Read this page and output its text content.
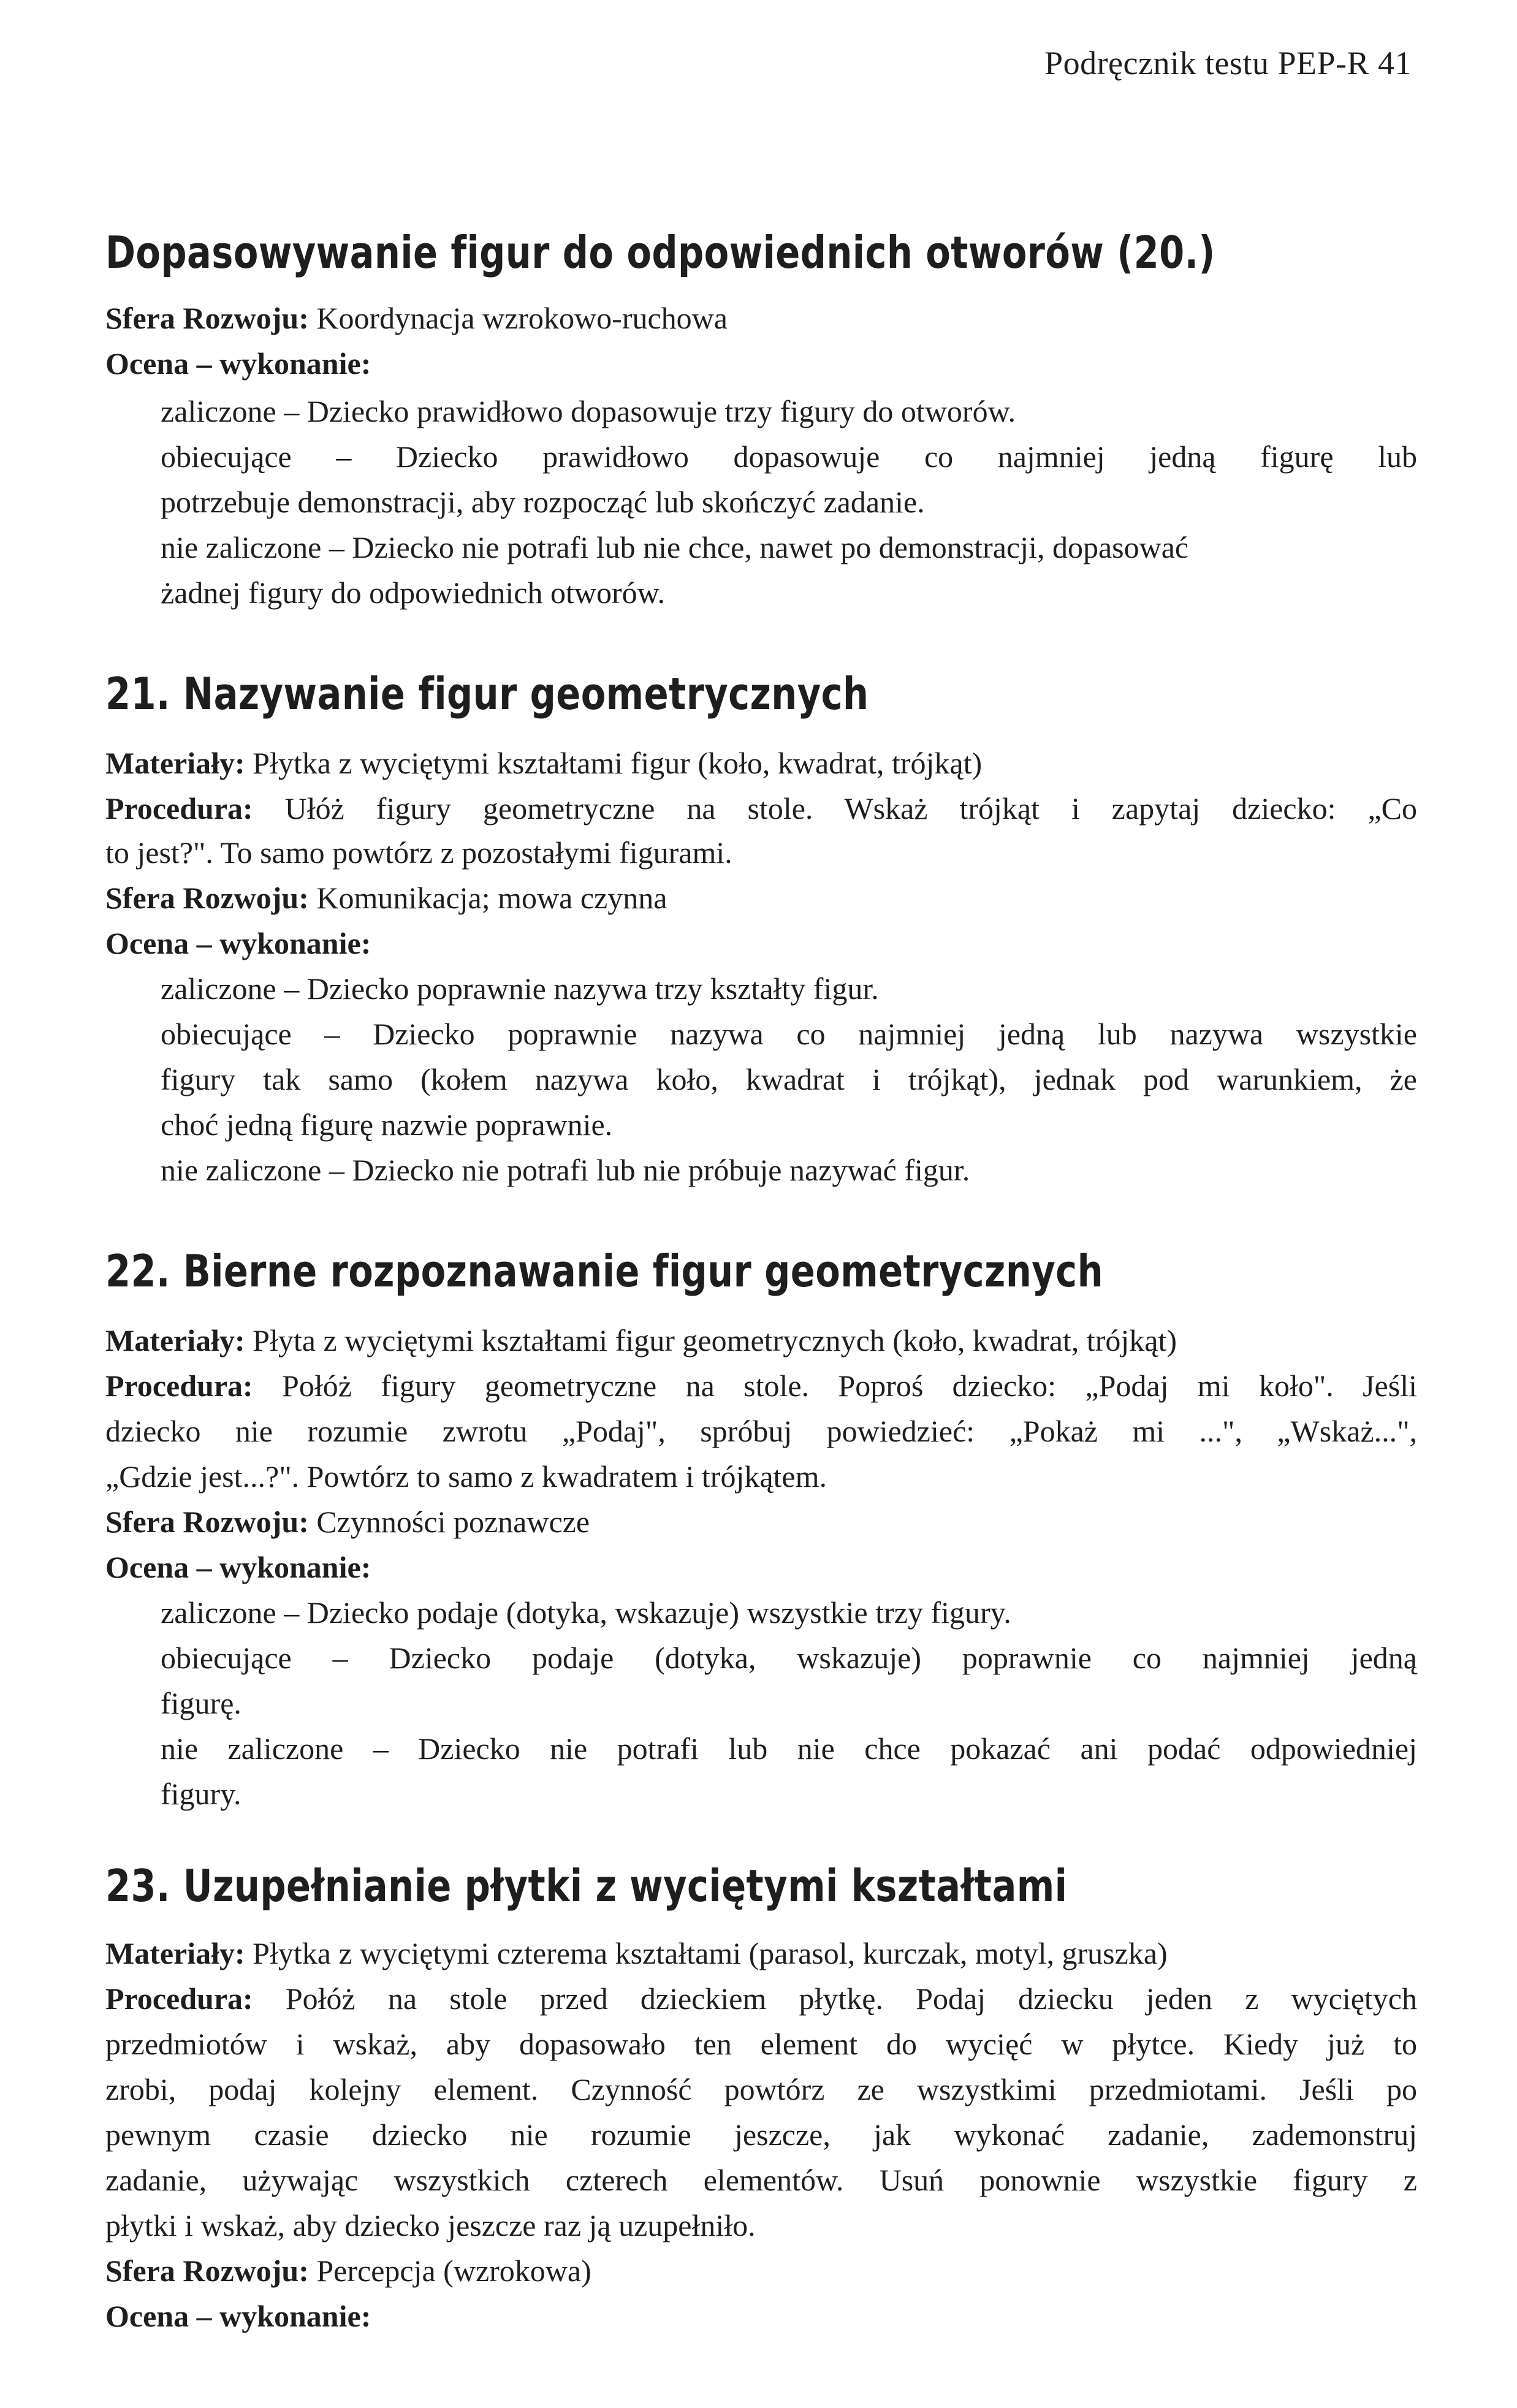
Podręcznik testu PEP-R 41
Dopasowywanie figur do odpowiednich otworów (20.)
Sfera Rozwoju: Koordynacja wzrokowo-ruchowa
Ocena – wykonanie:
zaliczone – Dziecko prawidłowo dopasowuje trzy figury do otworów.
obiecujące – Dziecko prawidłowo dopasowuje co najmniej jedną figurę lub
potrzebuje demonstracji, aby rozpocząć lub skończyć zadanie.
nie zaliczone – Dziecko nie potrafi lub nie chce, nawet po demonstracji, dopasować
żadnej figury do odpowiednich otworów.
21. Nazywanie figur geometrycznych
Materiały: Płytka z wyciętymi kształtami figur (koło, kwadrat, trójkąt)
Procedura: Ułóż figury geometryczne na stole. Wskaż trójkąt i zapytaj dziecko: „Co
to jest?". To samo powtórz z pozostałymi figurami.
Sfera Rozwoju: Komunikacja; mowa czynna
Ocena – wykonanie:
zaliczone – Dziecko poprawnie nazywa trzy kształty figur.
obiecujące – Dziecko poprawnie nazywa co najmniej jedną lub nazywa wszystkie
figury tak samo (kołem nazywa koło, kwadrat i trójkąt), jednak pod warunkiem, że
choć jedną figurę nazwie poprawnie.
nie zaliczone – Dziecko nie potrafi lub nie próbuje nazywać figur.
22. Bierne rozpoznawanie figur geometrycznych
Materiały: Płyta z wyciętymi kształtami figur geometrycznych (koło, kwadrat, trójkąt)
Procedura: Połóż figury geometryczne na stole. Poproś dziecko: „Podaj mi koło". Jeśli
dziecko nie rozumie zwrotu „Podaj", spróbuj powiedzieć: „Pokaż mi ...", „Wskaż...",
„Gdzie jest...?". Powtórz to samo z kwadratem i trójkątem.
Sfera Rozwoju: Czynności poznawcze
Ocena – wykonanie:
zaliczone – Dziecko podaje (dotyka, wskazuje) wszystkie trzy figury.
obiecujące – Dziecko podaje (dotyka, wskazuje) poprawnie co najmniej jedną
figurę.
nie zaliczone – Dziecko nie potrafi lub nie chce pokazać ani podać odpowiedniej
figury.
23. Uzupełnianie płytki z wyciętymi kształtami
Materiały: Płytka z wyciętymi czterema kształtami (parasol, kurczak, motyl, gruszka)
Procedura: Połóż na stole przed dzieckiem płytkę. Podaj dziecku jeden z wyciętych
przedmiotów i wskaż, aby dopasowało ten element do wycięć w płytce. Kiedy już to
zrobi, podaj kolejny element. Czynność powtórz ze wszystkimi przedmiotami. Jeśli po
pewnym czasie dziecko nie rozumie jeszcze, jak wykonać zadanie, zademonstruj
zadanie, używając wszystkich czterech elementów. Usuń ponownie wszystkie figury z
płytki i wskaż, aby dziecko jeszcze raz ją uzupełniło.
Sfera Rozwoju: Percepcja (wzrokowa)
Ocena – wykonanie:
